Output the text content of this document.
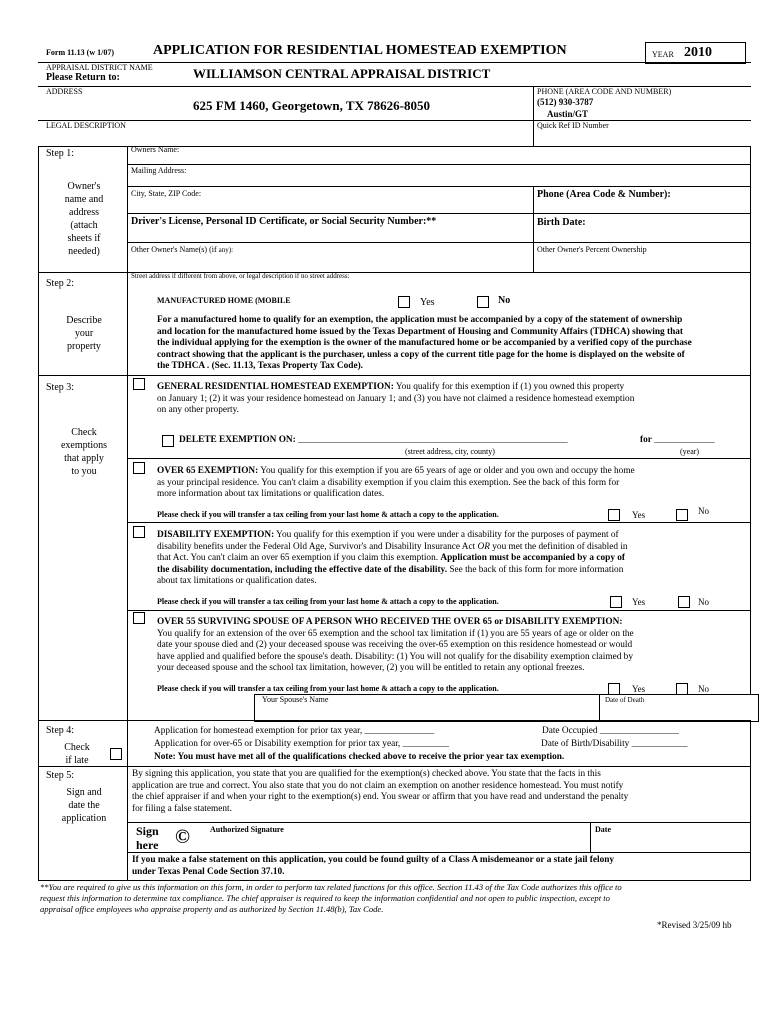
Form 11.13 (w 1/07)	APPLICATION FOR RESIDENTIAL HOMESTEAD EXEMPTION	YEAR 2010
APPRAISAL DISTRICT NAME
Please Return to:	WILLIAMSON CENTRAL APPRAISAL DISTRICT
ADDRESS
625 FM 1460, Georgetown, TX 78626-8050
PHONE (AREA CODE AND NUMBER)
(512) 930-3787
Austin/GT
LEGAL DESCRIPTION	Quick Ref ID Number
Step 1:
Owner's
name and
address
(attach
sheets if
needed)
Owners Name:
Mailing Address:
City, State, ZIP Code:	Phone (Area Code & Number):
Driver's License, Personal ID Certificate, or Social Security Number:**	Birth Date:
Other Owner's Name(s) (if any):	Other Owner's Percent Ownership
Step 2:
Describe
your
property
Street address if different from above, or legal description if no street address:
MANUFACTURED HOME (MOBILE	Yes	No

For a manufactured home to qualify for an exemption, the application must be accompanied by a copy of the statement of ownership

and location for the manufactured home issued by the Texas Department of Housing and Community Affairs (TDHCA) showing that

the individual applying for the exemption is the owner of the manufactured home or be accompanied by a verified copy of the purchase

contract showing that the applicant is the purchaser, unless a copy of the current title page for the home is displayed on the website of

the TDHCA . (Sec. 11.13, Texas Property Tax Code).

Step 3:
Check
exemptions
that apply
to you

GENERAL RESIDENTIAL HOMESTEAD EXEMPTION: You qualify for this exemption if (1) you owned this property

on January 1; (2) it was your residence homestead on January 1; and (3) you have not claimed a residence homestead exemption

on any other property.

DELETE EXEMPTION ON: __________________________________________________________	for _____________
(street address, city, county)	(year)

OVER 65 EXEMPTION: You qualify for this exemption if you are 65 years of age or older and you own and occupy the home

as your principal residence. You can't claim a disability exemption if you claim this exemption. See the back of this form for

more information about tax limitations or qualification dates.

Please check if you will transfer a tax ceiling from your last home & attach a copy to the application.	Yes	No

DISABILITY EXEMPTION: You qualify for this exemption if you were under a disability for the purposes of payment of

disability benefits under the Federal Old Age, Survivor's and Disability Insurance Act OR you met the definition of disabled in

that Act. You can't claim an over 65 exemption if you claim this exemption. Application must be accompanied by a copy of

the disability documentation, including the effective date of the disability. See the back of this form for more information

about tax limitations or qualification dates.

Please check if you will transfer a tax ceiling from your last home & attach a copy to the application.	Yes	No

OVER 55 SURVIVING SPOUSE OF A PERSON WHO RECEIVED THE OVER 65 or DISABILITY EXEMPTION:

You qualify for an extension of the over 65 exemption and the school tax limitation if (1) you are 55 years of age or older on the

date your spouse died and (2) your deceased spouse was receiving the over-65 exemption on this residence homestead or would

have applied and qualified before the spouse's death. Disability: (1) You will not qualify for the disability exemption claimed by

your deceased spouse and the school tax limitation, however, (2) you will be entitled to retain any optional freezes.

Please check if you will transfer a tax ceiling from your last home & attach a copy to the application.	Yes	No
Your Spouse's Name	Date of Death
Step 4:
Check
if late
Application for homestead exemption for prior tax year, _______________	Date Occupied _________________
Application for over-65 or Disability exemption for prior tax year, __________	Date of Birth/Disability ____________
Note: You must have met all of the qualifications checked above to receive the prior year tax exemption.
Step 5:
Sign and
date the
application

By signing this application, you state that you are qualified for the exemption(s) checked above. You state that the facts in this

application are true and correct. You also state that you do not claim an exemption on another residence homestead. You must notify

the chief appraiser if and when your right to the exemption(s) end. You swear or affirm that you have read and understand the penalty

for filing a false statement.

Sign
here ©	Authorized Signature	Date

If you make a false statement on this application, you could be found guilty of a Class A misdemeanor or a state jail felony

under Texas Penal Code Section 37.10.

**You are required to give us this information on this form, in order to perform tax related functions for this office. Section 11.43 of the Tax Code authorizes this office to
request this information to determine tax compliance. The chief appraiser is required to keep the information confidential and not open to public inspection, except to
appraisal office employees who appraise property and as authorized by Section 11.48(b), Tax Code.
*Revised 3/25/09 hb
